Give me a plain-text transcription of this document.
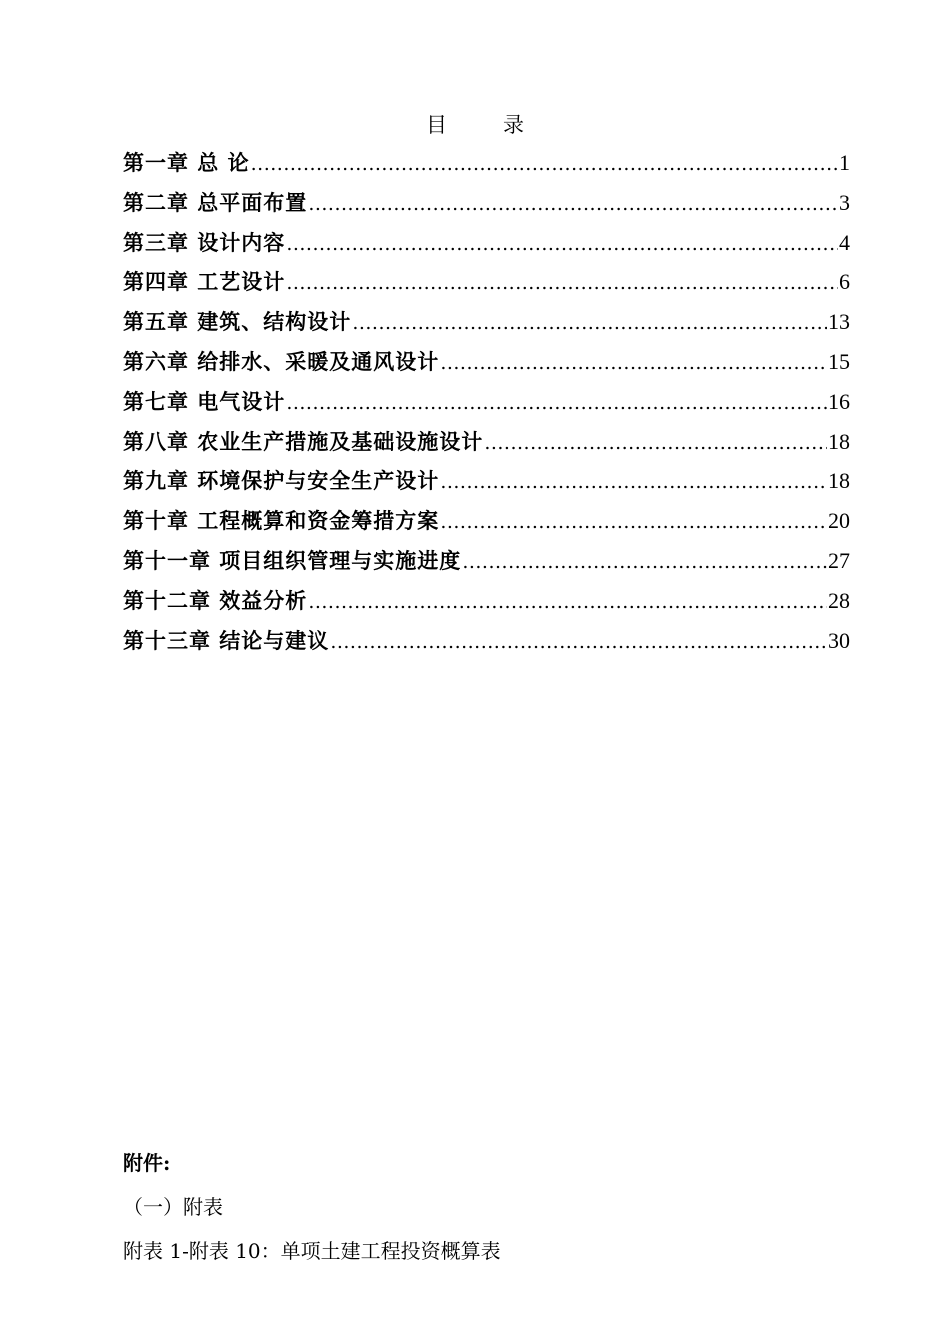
目录
第一章 总 论 .....	1
第二章 总平面布置 .....	3
第三章 设计内容 .....	4
第四章 工艺设计 .....	6
第五章 建筑、结构设计 .....	13
第六章 给排水、采暖及通风设计 .....	15
第七章 电气设计 .....	16
第八章 农业生产措施及基础设施设计 .....	18
第九章 环境保护与安全生产设计 .....	18
第十章 工程概算和资金筹措方案 .....	20
第十一章 项目组织管理与实施进度 .....	27
第十二章 效益分析 .....	28
第十三章 结论与建议 .....	30
附件:
（一）附表
附表 1-附表 10：单项土建工程投资概算表
